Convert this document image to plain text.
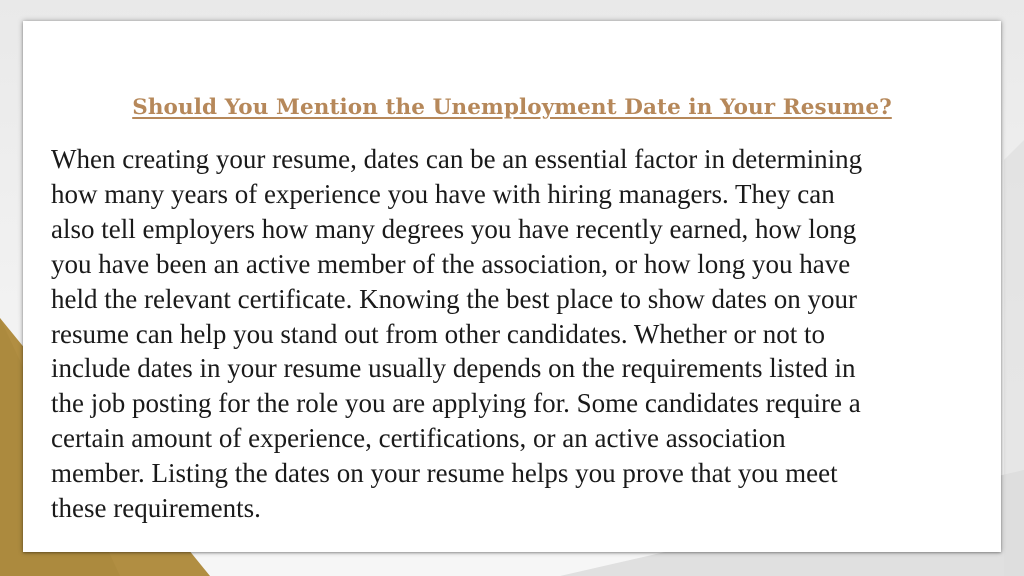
Should You Mention the Unemployment Date in Your Resume?

When creating your resume, dates can be an essential factor in determining
how many years of experience you have with hiring managers. They can
also tell employers how many degrees you have recently earned, how long
you have been an active member of the association, or how long you have
held the relevant certificate. Knowing the best place to show dates on your
resume can help you stand out from other candidates. Whether or not to
include dates in your resume usually depends on the requirements listed in
the job posting for the role you are applying for. Some candidates require a
certain amount of experience, certifications, or an active association
member. Listing the dates on your resume helps you prove that you meet
these requirements.
